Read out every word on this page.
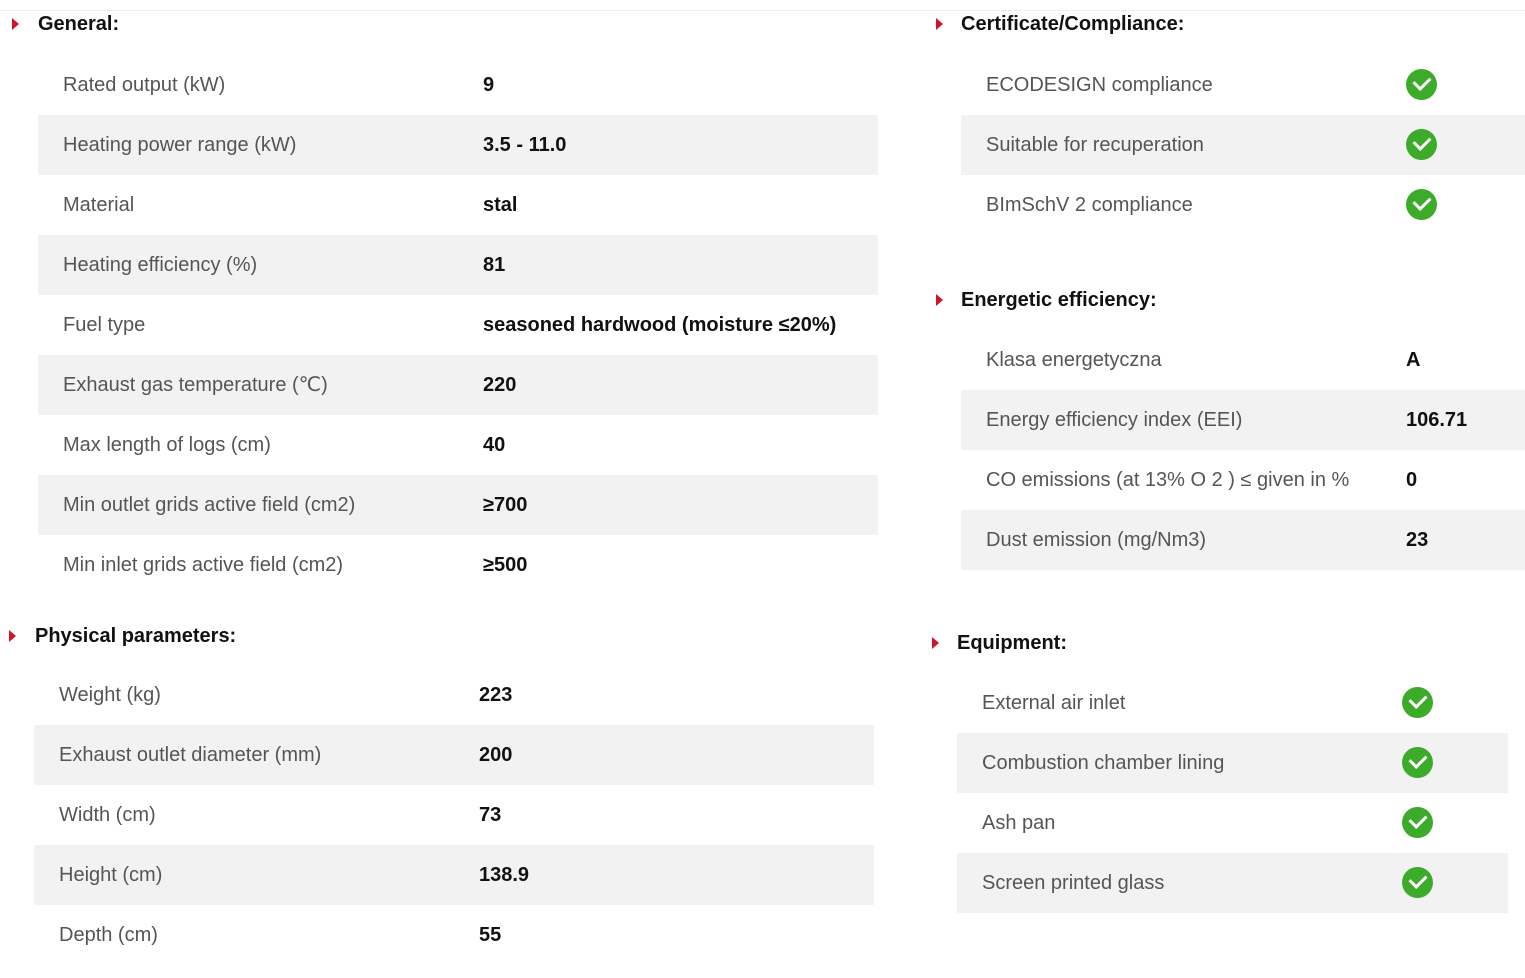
General:
Rated output (kW)	9
Heating power range (kW)	3.5 - 11.0
Material	stal
Heating efficiency (%)	81
Fuel type	seasoned hardwood (moisture ≤20%)
Exhaust gas temperature (℃)	220
Max length of logs (cm)	40
Min outlet grids active field (cm2)	≥700
Min inlet grids active field (cm2)	≥500
Physical parameters:
Weight (kg)	223
Exhaust outlet diameter (mm)	200
Width (cm)	73
Height (cm)	138.9
Depth (cm)	55
Certificate/Compliance:
ECODESIGN compliance
Suitable for recuperation
BImSchV 2 compliance
Energetic efficiency:
Klasa energetyczna	A
Energy efficiency index (EEI)	106.71
CO emissions (at 13% O 2 ) ≤ given in %	0
Dust emission (mg/Nm3)	23
Equipment:
External air inlet
Combustion chamber lining
Ash pan
Screen printed glass
